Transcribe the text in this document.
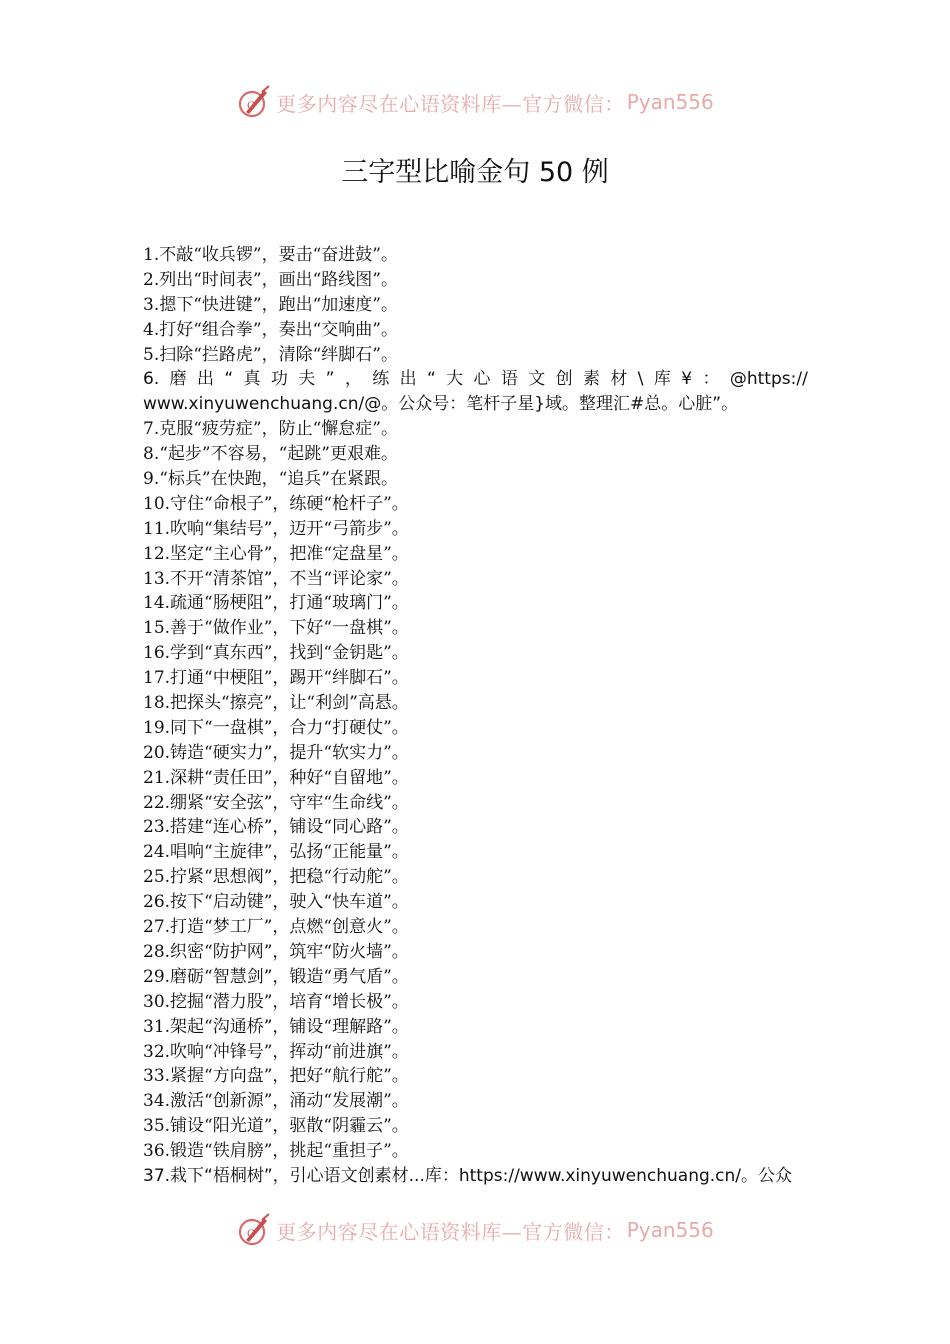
C 更多内容尽在心语资料库—官方微信： Pyan556
三字型比喻金句 50 例
1.不敲“收兵锣”，要击“奋进鼓”。
2.列出“时间表”，画出“路线图”。
3.摁下“快进键”，跑出“加速度”。
4.打好“组合拳”，奏出“交响曲”。
5.扫除“拦路虎”，清除“绊脚石”。
6. 磨 出 “ 真 功 夫 ” ， 练 出 “ 大 心 语 文 创 素 材 \ 库 ¥ ： @https://
www.xinyuwenchuang.cn/@。公众号：笔杆子星}域。整理汇#总。心脏”。
7.克服“疲劳症”，防止“懈怠症”。
8.“起步”不容易，“起跳”更艰难。
9.“标兵”在快跑，“追兵”在紧跟。
10.守住“命根子”，练硬“枪杆子”。
11.吹响“集结号”，迈开“弓箭步”。
12.坚定“主心骨”，把准“定盘星”。
13.不开“清茶馆”，不当“评论家”。
14.疏通“肠梗阻”，打通“玻璃门”。
15.善于“做作业”，下好“一盘棋”。
16.学到“真东西”，找到“金钥匙”。
17.打通“中梗阻”，踢开“绊脚石”。
18.把探头“擦亮”，让“利剑”高悬。
19.同下“一盘棋”，合力“打硬仗”。
20.铸造“硬实力”，提升“软实力”。
21.深耕“责任田”，种好“自留地”。
22.绷紧“安全弦”，守牢“生命线”。
23.搭建“连心桥”，铺设“同心路”。
24.唱响“主旋律”，弘扬“正能量”。
25.拧紧“思想阀”，把稳“行动舵”。
26.按下“启动键”，驶入“快车道”。
27.打造“梦工厂”，点燃“创意火”。
28.织密“防护网”，筑牢“防火墙”。
29.磨砺“智慧剑”，锻造“勇气盾”。
30.挖掘“潜力股”，培育“增长极”。
31.架起“沟通桥”，铺设“理解路”。
32.吹响“冲锋号”，挥动“前进旗”。
33.紧握“方向盘”，把好“航行舵”。
34.激活“创新源”，涌动“发展潮”。
35.铺设“阳光道”，驱散“阴霾云”。
36.锻造“铁肩膀”，挑起“重担子”。
37.栽下“梧桐树”，引心语文创素材...库：https://www.xinyuwenchuang.cn/。公众
C 更多内容尽在心语资料库—官方微信： Pyan556
